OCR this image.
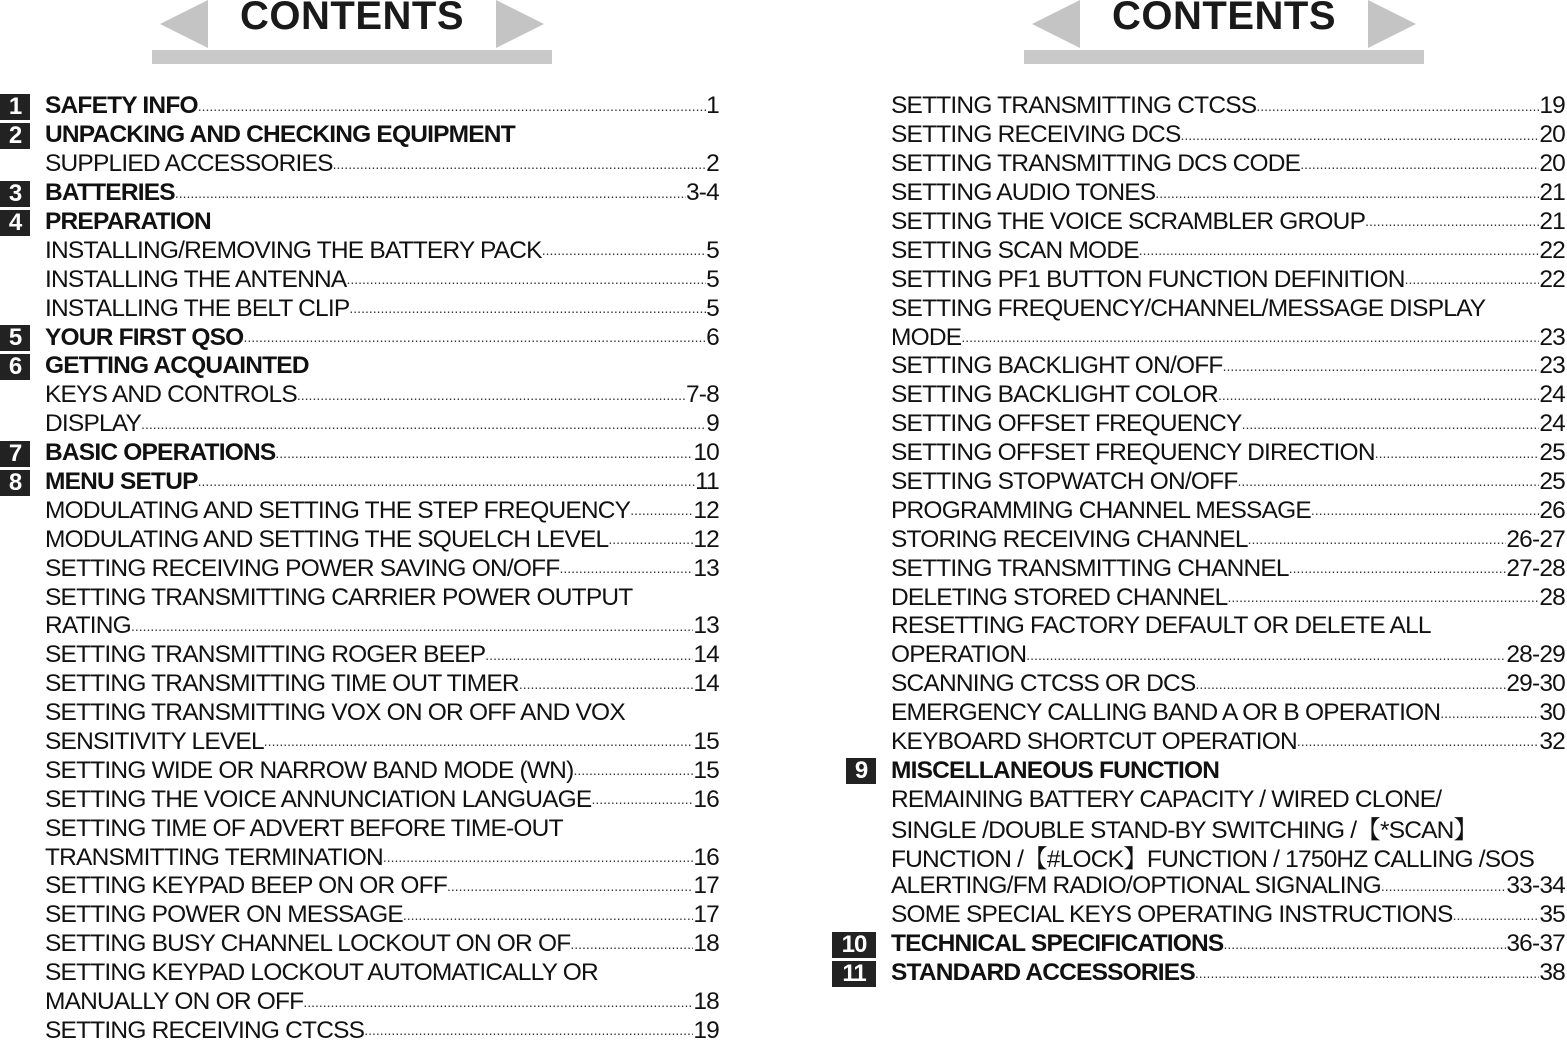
CONTENTS
1 SAFETY INFO .....	1
2 UNPACKING AND CHECKING EQUIPMENT
SUPPLIED ACCESSORIES .....	2
3 BATTERIES .....	3-4
4 PREPARATION
INSTALLING/REMOVING THE BATTERY PACK .....	5
INSTALLING THE ANTENNA .....	5
INSTALLING THE BELT CLIP .....	5
5 YOUR FIRST QSO .....	6
6 GETTING ACQUAINTED
KEYS AND CONTROLS .....	7-8
DISPLAY .....	9
7 BASIC OPERATIONS .....	10
8 MENU SETUP .....	11
MODULATING AND SETTING THE STEP FREQUENCY .....	12
MODULATING AND SETTING THE SQUELCH LEVEL .....	12
SETTING RECEIVING POWER SAVING ON/OFF .....	13
SETTING TRANSMITTING CARRIER POWER OUTPUT
RATING .....	13
SETTING TRANSMITTING ROGER BEEP .....	14
SETTING TRANSMITTING TIME OUT TIMER .....	14
SETTING TRANSMITTING VOX ON OR OFF AND VOX
SENSITIVITY LEVEL .....	15
SETTING WIDE OR NARROW BAND MODE (WN) .....	15
SETTING THE VOICE ANNUNCIATION LANGUAGE .....	16
SETTING TIME OF ADVERT BEFORE TIME-OUT
TRANSMITTING TERMINATION .....	16
SETTING KEYPAD BEEP ON OR OFF .....	17
SETTING POWER ON MESSAGE .....	17
SETTING BUSY CHANNEL LOCKOUT ON OR OF .....	18
SETTING KEYPAD LOCKOUT AUTOMATICALLY OR
MANUALLY ON OR OFF .....	18
SETTING RECEIVING CTCSS .....	19
CONTENTS
SETTING TRANSMITTING CTCSS .....	19
SETTING RECEIVING DCS .....	20
SETTING TRANSMITTING DCS CODE .....	20
SETTING AUDIO TONES .....	21
SETTING THE VOICE SCRAMBLER GROUP .....	21
SETTING SCAN MODE .....	22
SETTING PF1 BUTTON FUNCTION DEFINITION .....	22
SETTING FREQUENCY/CHANNEL/MESSAGE DISPLAY
MODE .....	23
SETTING BACKLIGHT ON/OFF .....	23
SETTING BACKLIGHT COLOR .....	24
SETTING OFFSET FREQUENCY .....	24
SETTING OFFSET FREQUENCY DIRECTION .....	25
SETTING STOPWATCH ON/OFF .....	25
PROGRAMMING CHANNEL MESSAGE .....	26
STORING RECEIVING CHANNEL .....	26-27
SETTING TRANSMITTING CHANNEL .....	27-28
DELETING STORED CHANNEL .....	28
RESETTING FACTORY DEFAULT OR DELETE ALL
OPERATION .....	28-29
SCANNING CTCSS OR DCS .....	29-30
EMERGENCY CALLING BAND A OR B OPERATION .....	30
KEYBOARD SHORTCUT OPERATION .....	32
9 MISCELLANEOUS FUNCTION
REMAINING BATTERY CAPACITY / WIRED CLONE/
SINGLE /DOUBLE STAND-BY SWITCHING /【*SCAN】
FUNCTION /【#LOCK】FUNCTION / 1750HZ CALLING /SOS
ALERTING/FM RADIO/OPTIONAL SIGNALING .....	33-34
SOME SPECIAL KEYS OPERATING INSTRUCTIONS .....	35
10	TECHNICAL SPECIFICATIONS .....	36-37
11	STANDARD ACCESSORIES .....	38
